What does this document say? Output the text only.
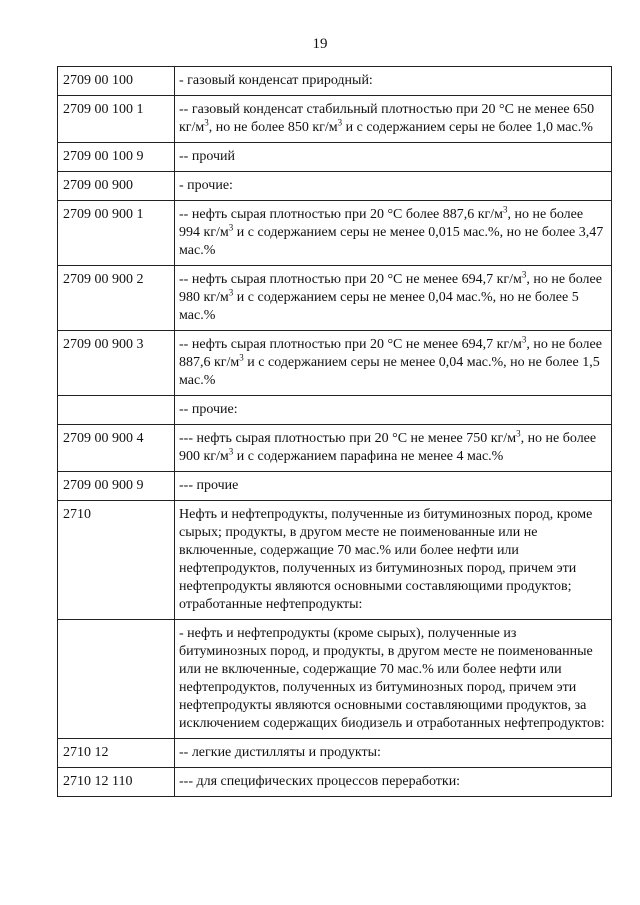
19
2709 00 100	- газовый конденсат природный:
2709 00 100 1	-- газовый конденсат стабильный плотностью при 20 °С не менее 650 $кг/м^3$, но не более 850 $кг/м^3$ и с содержанием серы не более 1,0 мас.%
2709 00 100 9	-- прочий
2709 00 900	- прочие:
2709 00 900 1	-- нефть сырая плотностью при 20 °С более 887,6 $кг/м^3$, но не более 994 $кг/м^3$ и с содержанием серы не менее 0,015 мас.%, но не более 3,47 мас.%
2709 00 900 2	-- нефть сырая плотностью при 20 °С не менее 694,7 $кг/м^3$, но не более 980 $кг/м^3$ и с содержанием серы не менее 0,04 мас.%, но не более 5 мас.%
2709 00 900 3	-- нефть сырая плотностью при 20 °С не менее 694,7 $кг/м^3$, но не более 887,6 $кг/м^3$ и с содержанием серы не менее 0,04 мас.%, но не более 1,5 мас.%
	-- прочие:
2709 00 900 4	--- нефть сырая плотностью при 20 °С не менее 750 $кг/м^3$, но не более 900 $кг/м^3$ и с содержанием парафина не менее 4 мас.%
2709 00 900 9	--- прочие
2710	Нефть и нефтепродукты, полученные из битуминозных пород, кроме сырых; продукты, в другом месте не поименованные или не включенные, содержащие 70 мас.% или более нефти или нефтепродуктов, полученных из битуминозных пород, причем эти нефтепродукты являются основными составляющими продуктов; отработанные нефтепродукты:
	- нефть и нефтепродукты (кроме сырых), полученные из битуминозных пород, и продукты, в другом месте не поименованные или не включенные, содержащие 70 мас.% или более нефти или нефтепродуктов, полученных из битуминозных пород, причем эти нефтепродукты являются основными составляющими продуктов, за исключением содержащих биодизель и отработанных нефтепродуктов:
2710 12	-- легкие дистилляты и продукты:
2710 12 110	--- для специфических процессов переработки:
